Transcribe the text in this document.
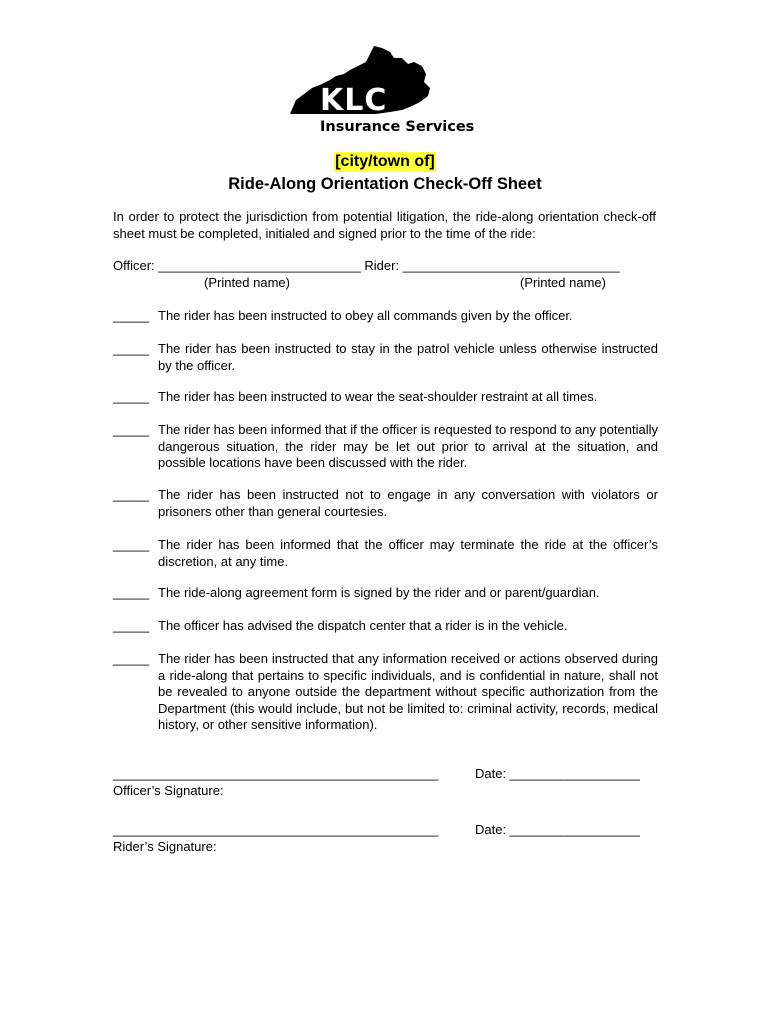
KLC
Insurance Services
[city/town of]
Ride-Along Orientation Check-Off Sheet
In order to protect the jurisdiction from potential litigation, the ride-along orientation check-off sheet must be completed, initialed and signed prior to the time of the ride:
Officer: ____________________________ Rider: ______________________________
(Printed name)	(Printed name)
_____ The rider has been instructed to obey all commands given by the officer.
_____ The rider has been instructed to stay in the patrol vehicle unless otherwise instructed by the officer.
_____ The rider has been instructed to wear the seat-shoulder restraint at all times.
_____ The rider has been informed that if the officer is requested to respond to any potentially dangerous situation, the rider may be let out prior to arrival at the situation, and possible locations have been discussed with the rider.
_____ The rider has been instructed not to engage in any conversation with violators or prisoners other than general courtesies.
_____ The rider has been informed that the officer may terminate the ride at the officer’s discretion, at any time.
_____ The ride-along agreement form is signed by the rider and or parent/guardian.
_____ The officer has advised the dispatch center that a rider is in the vehicle.
_____ The rider has been instructed that any information received or actions observed during a ride-along that pertains to specific individuals, and is confidential in nature, shall not be revealed to anyone outside the department without specific authorization from the Department (this would include, but not be limited to: criminal activity, records, medical history, or other sensitive information).
_____________________________________________	Date: __________________
Officer’s Signature:
_____________________________________________	Date: __________________
Rider’s Signature:
